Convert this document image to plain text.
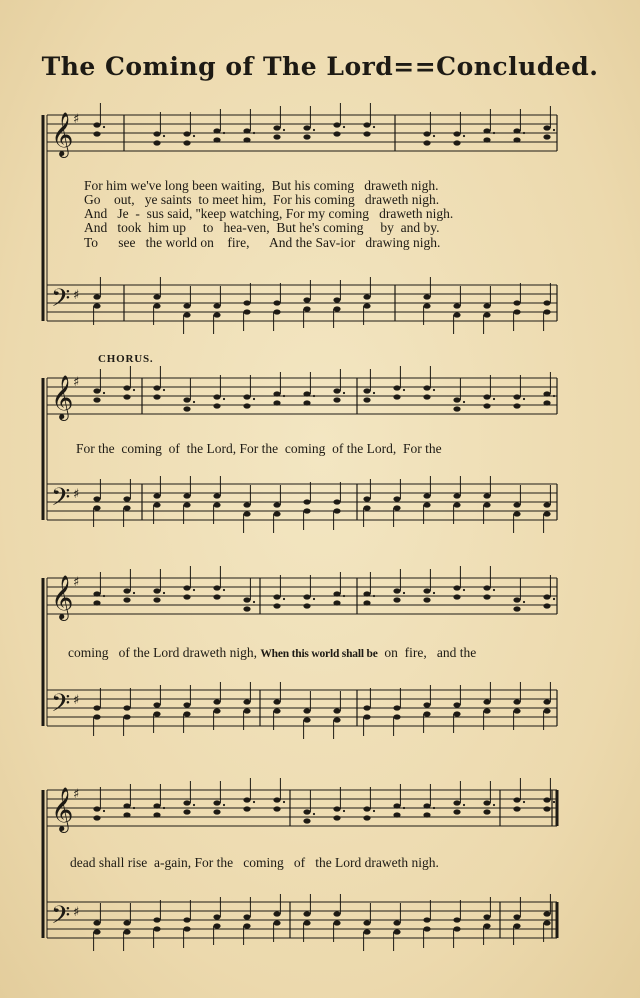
The Coming of The Lord==Concluded.
𝄞 ♯
𝄢 ♯
𝄞 ♯
𝄢 ♯
𝄞 ♯
𝄢 ♯
𝄞 ♯
𝄢 ♯
For him we've long been waiting,  But his coming   draweth nigh.
Go    out,   ye saints  to meet him,  For his coming   draweth nigh.
And   Je  -  sus said, ''keep watching, For my coming   draweth nigh.
And   took  him up     to   hea-ven,  But he's coming     by  and by.
To      see   the world on    fire,      And the Sav-ior   drawing nigh.
CHORUS.
For the  coming  of  the Lord, For the  coming  of the Lord,  For the
coming   of the Lord draweth nigh, When this world shall be  on  fire,   and the
dead shall rise  a-gain, For the   coming   of   the Lord draweth nigh.
